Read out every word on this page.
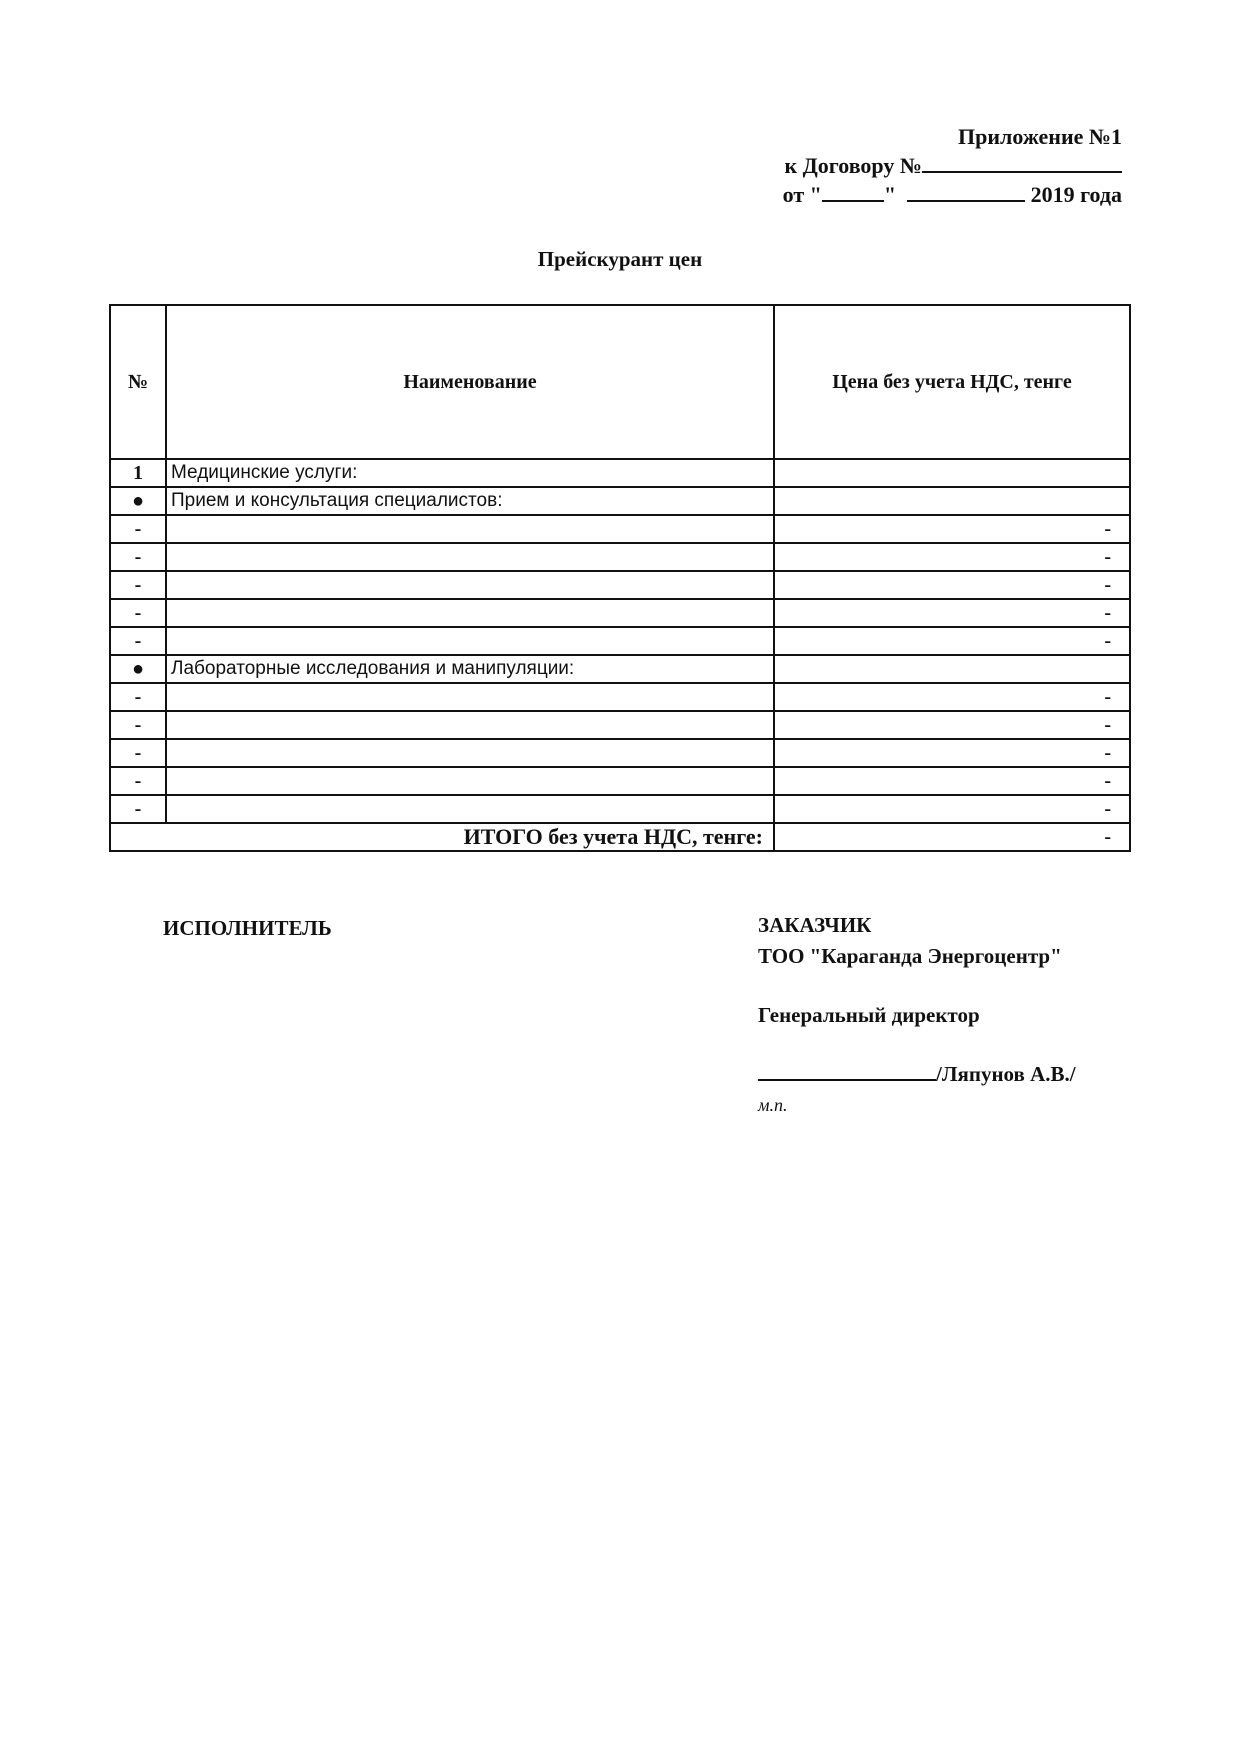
Приложение №1
к Договору №
от "	"	2019 года
Прейскурант цен
№	Наименование	Цена без учета НДС, тенге
1	Медицинские услуги:	
●	Прием и консультация специалистов:	
-		-
-		-
-		-
-		-
-		-
●	Лабораторные исследования и манипуляции:	
-		-
-		-
-		-
-		-
-		-
ИТОГО без учета НДС, тенге:		-
ИСПОЛНИТЕЛЬ	ЗАКАЗЧИК
ТОО "Караганда Энергоцентр"
Генеральный директор
/Ляпунов А.В./
м.п.
